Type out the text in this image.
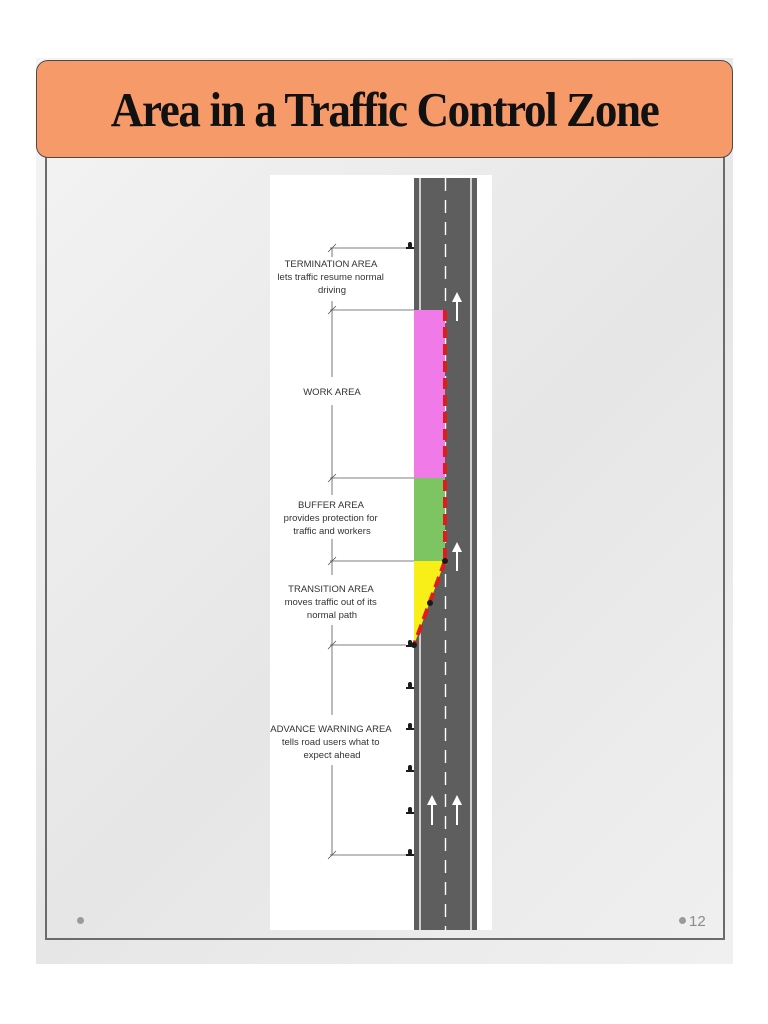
Area in a Traffic Control Zone
TERMINATION AREA lets traffic resume normal driving
WORK AREA
BUFFER AREA provides protection for traffic and workers
TRANSITION AREA moves traffic out of its normal path
ADVANCE WARNING AREA tells road users what to expect ahead
12
